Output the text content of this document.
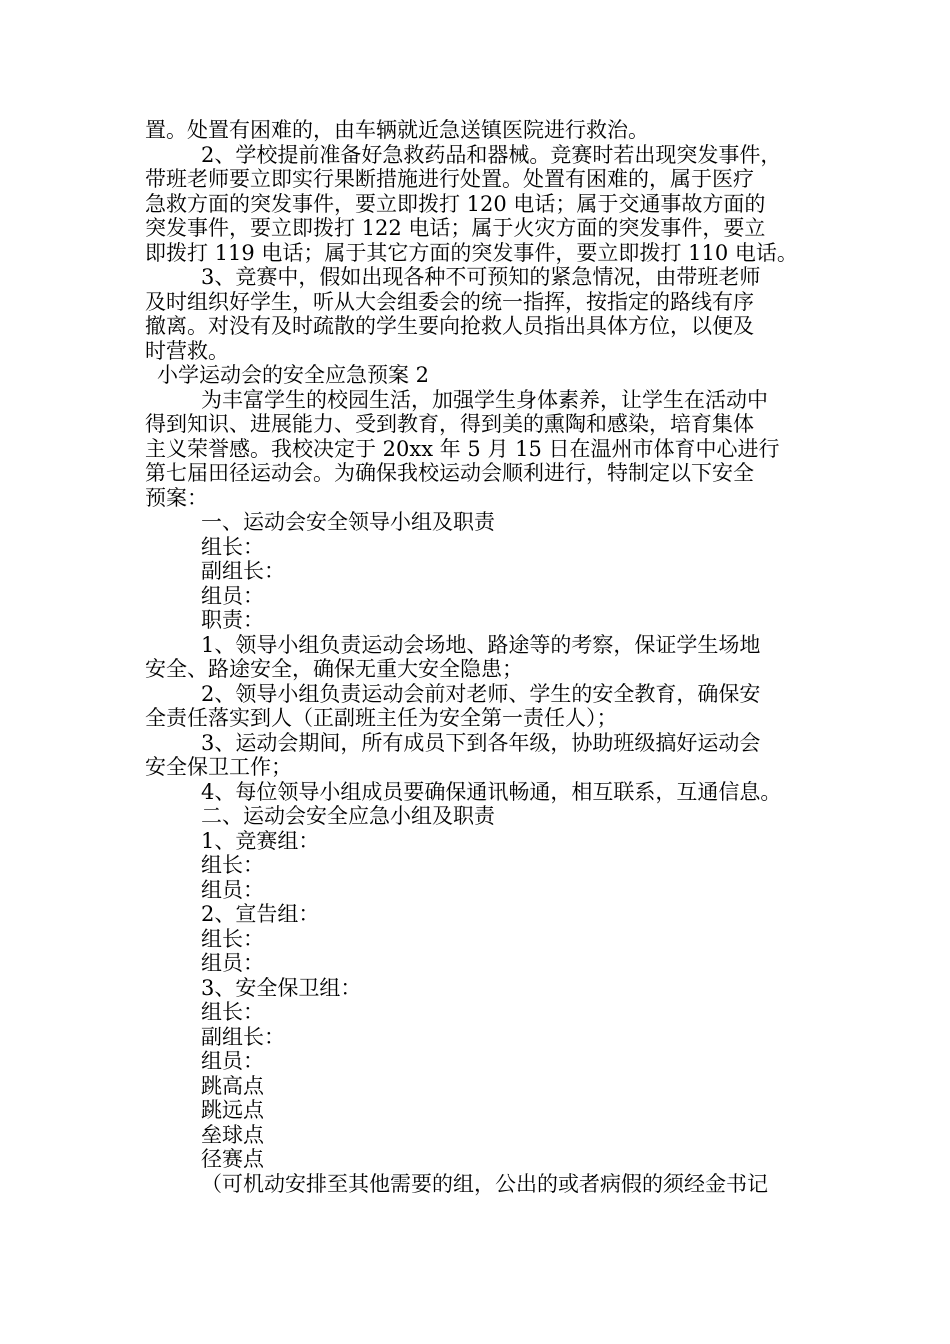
置。处置有困难的，由车辆就近急送镇医院进行救治。
2、学校提前准备好急救药品和器械。竞赛时若出现突发事件，
带班老师要立即实行果断措施进行处置。处置有困难的，属于医疗
急救方面的突发事件，要立即拨打 120 电话；属于交通事故方面的
突发事件，要立即拨打 122 电话；属于火灾方面的突发事件，要立
即拨打 119 电话；属于其它方面的突发事件，要立即拨打 110 电话。
3、竞赛中，假如出现各种不可预知的紧急情况，由带班老师
及时组织好学生，听从大会组委会的统一指挥，按指定的路线有序
撤离。对没有及时疏散的学生要向抢救人员指出具体方位，以便及
时营救。
小学运动会的安全应急预案 2
为丰富学生的校园生活，加强学生身体素养，让学生在活动中
得到知识、进展能力、受到教育，得到美的熏陶和感染，培育集体
主义荣誉感。我校决定于 20xx 年 5 月 15 日在温州市体育中心进行
第七届田径运动会。为确保我校运动会顺利进行，特制定以下安全
预案：
一、运动会安全领导小组及职责
组长：
副组长：
组员：
职责：
1、领导小组负责运动会场地、路途等的考察，保证学生场地
安全、路途安全，确保无重大安全隐患；
2、领导小组负责运动会前对老师、学生的安全教育，确保安
全责任落实到人（正副班主任为安全第一责任人）；
3、运动会期间，所有成员下到各年级，协助班级搞好运动会
安全保卫工作；
4、每位领导小组成员要确保通讯畅通，相互联系，互通信息。
二、运动会安全应急小组及职责
1、竞赛组：
组长：
组员：
2、宣告组：
组长：
组员：
3、安全保卫组：
组长：
副组长：
组员：
跳高点
跳远点
垒球点
径赛点
（可机动安排至其他需要的组，公出的或者病假的须经金书记
